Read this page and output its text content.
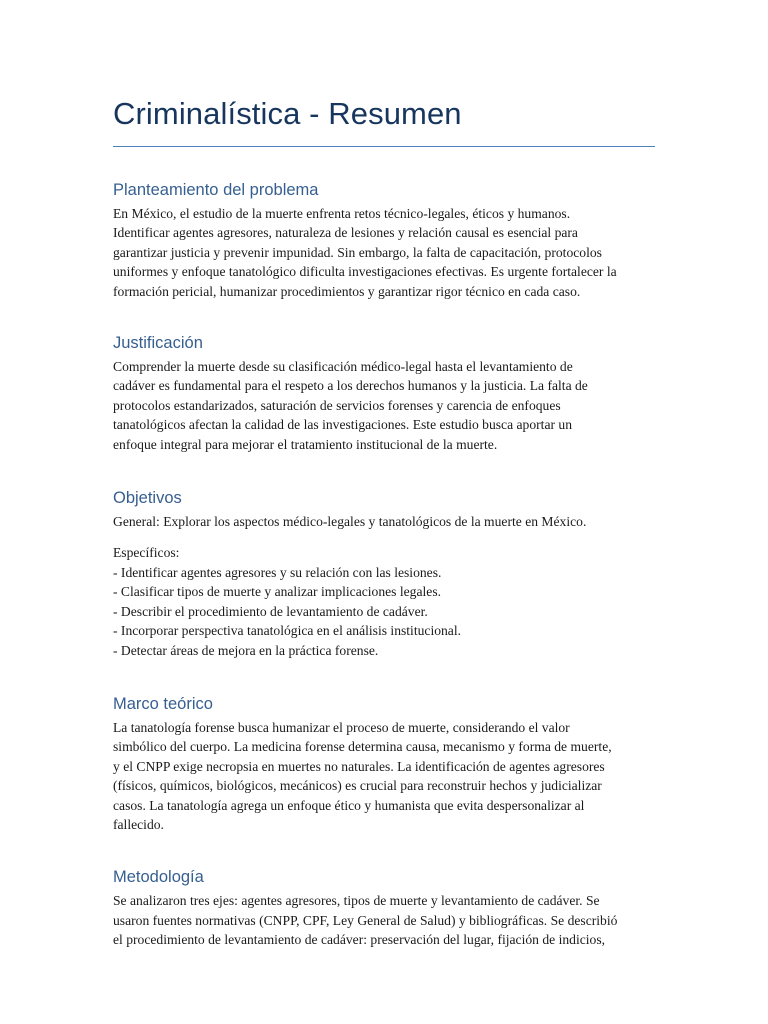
Criminalística - Resumen
Planteamiento del problema

En México, el estudio de la muerte enfrenta retos técnico-legales, éticos y humanos.
Identificar agentes agresores, naturaleza de lesiones y relación causal es esencial para
garantizar justicia y prevenir impunidad. Sin embargo, la falta de capacitación, protocolos
uniformes y enfoque tanatológico dificulta investigaciones efectivas. Es urgente fortalecer la
formación pericial, humanizar procedimientos y garantizar rigor técnico en cada caso.

Justificación

Comprender la muerte desde su clasificación médico-legal hasta el levantamiento de
cadáver es fundamental para el respeto a los derechos humanos y la justicia. La falta de
protocolos estandarizados, saturación de servicios forenses y carencia de enfoques
tanatológicos afectan la calidad de las investigaciones. Este estudio busca aportar un
enfoque integral para mejorar el tratamiento institucional de la muerte.

Objetivos

General: Explorar los aspectos médico-legales y tanatológicos de la muerte en México.

Específicos:

- Identificar agentes agresores y su relación con las lesiones.
- Clasificar tipos de muerte y analizar implicaciones legales.
- Describir el procedimiento de levantamiento de cadáver.
- Incorporar perspectiva tanatológica en el análisis institucional.
- Detectar áreas de mejora en la práctica forense.
Marco teórico

La tanatología forense busca humanizar el proceso de muerte, considerando el valor
simbólico del cuerpo. La medicina forense determina causa, mecanismo y forma de muerte,
y el CNPP exige necropsia en muertes no naturales. La identificación de agentes agresores
(físicos, químicos, biológicos, mecánicos) es crucial para reconstruir hechos y judicializar
casos. La tanatología agrega un enfoque ético y humanista que evita despersonalizar al
fallecido.

Metodología

Se analizaron tres ejes: agentes agresores, tipos de muerte y levantamiento de cadáver. Se
usaron fuentes normativas (CNPP, CPF, Ley General de Salud) y bibliográficas. Se describió
el procedimiento de levantamiento de cadáver: preservación del lugar, fijación de indicios,
